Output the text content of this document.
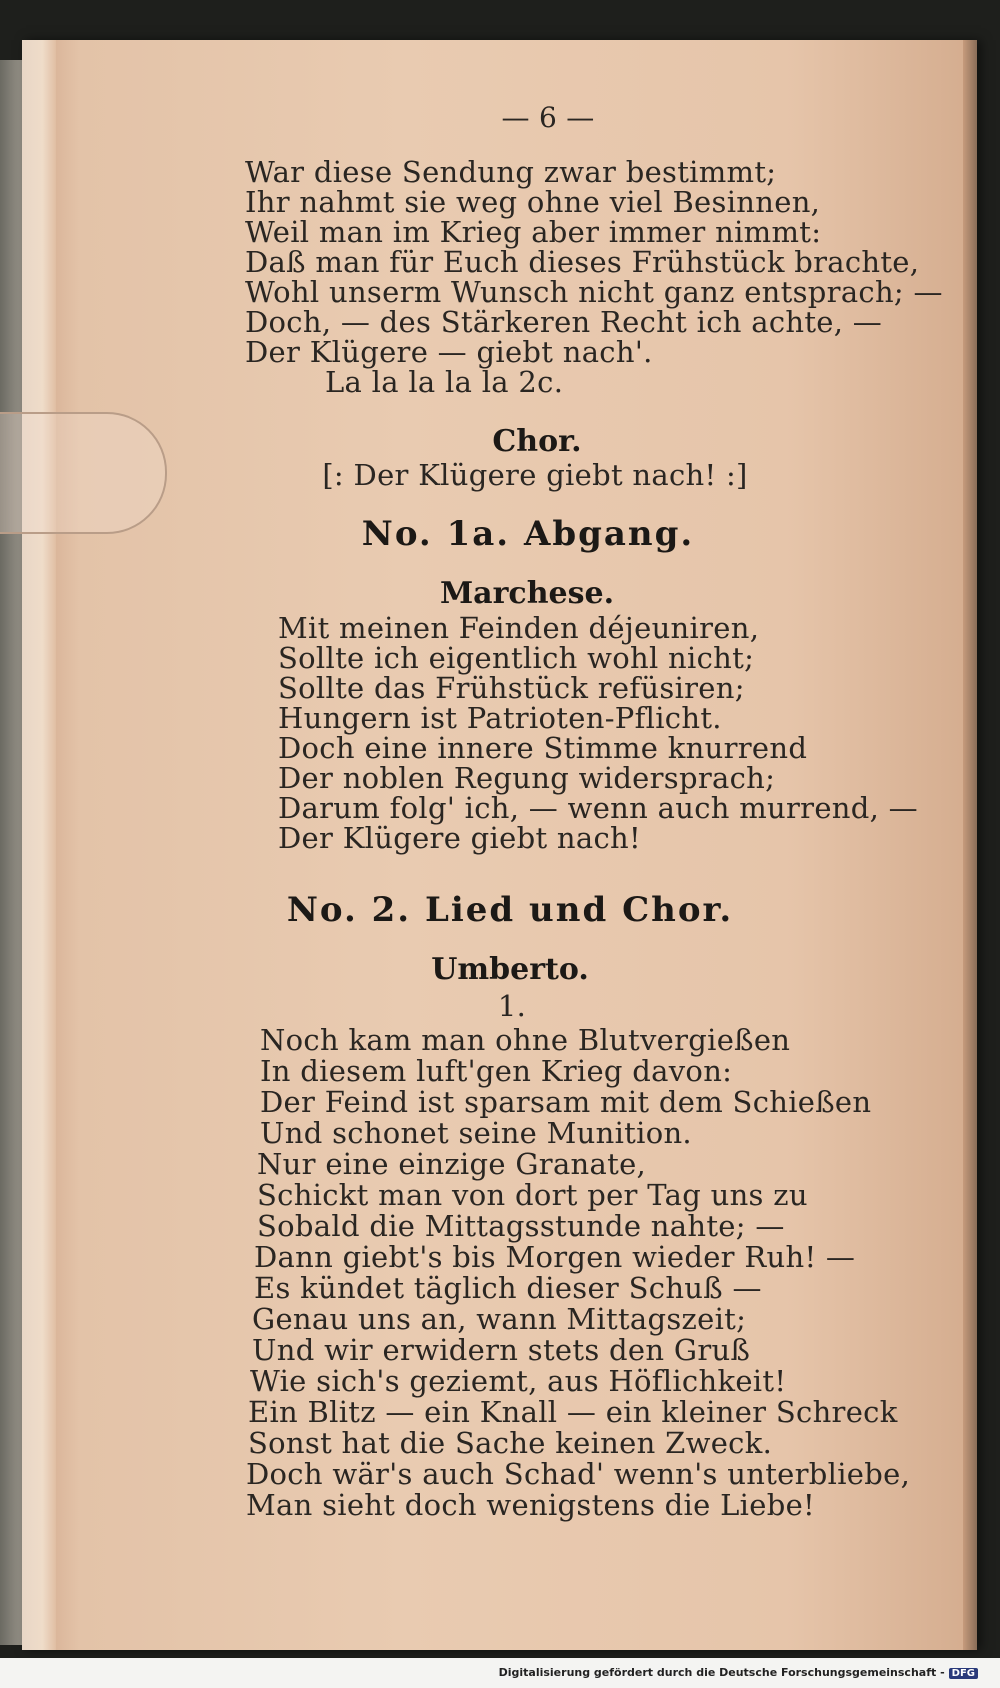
— 6 —
War diese Sendung zwar bestimmt;
Ihr nahmt sie weg ohne viel Besinnen,
Weil man im Krieg aber immer nimmt:
Daß man für Euch dieses Frühstück brachte,
Wohl unserm Wunsch nicht ganz entsprach; —
Doch, — des Stärkeren Recht ich achte, —
Der Klügere — giebt nach'.
La la la la la 2c.
Chor.
[: Der Klügere giebt nach! :]
No. 1a. Abgang.
Marchese.
Mit meinen Feinden déjeuniren,
Sollte ich eigentlich wohl nicht;
Sollte das Frühstück refüsiren;
Hungern ist Patrioten-Pflicht.
Doch eine innere Stimme knurrend
Der noblen Regung widersprach;
Darum folg' ich, — wenn auch murrend, —
Der Klügere giebt nach!
No. 2. Lied und Chor.
Umberto.
1.
Noch kam man ohne Blutvergießen
In diesem luft'gen Krieg davon:
Der Feind ist sparsam mit dem Schießen
Und schonet seine Munition.
Nur eine einzige Granate,
Schickt man von dort per Tag uns zu
Sobald die Mittagsstunde nahte; —
Dann giebt's bis Morgen wieder Ruh! —
Es kündet täglich dieser Schuß —
Genau uns an, wann Mittagszeit;
Und wir erwidern stets den Gruß
Wie sich's geziemt, aus Höflichkeit!
Ein Blitz — ein Knall — ein kleiner Schreck
Sonst hat die Sache keinen Zweck.
Doch wär's auch Schad' wenn's unterbliebe,
Man sieht doch wenigstens die Liebe!
Digitalisierung gefördert durch die Deutsche Forschungsgemeinschaft - DFG
